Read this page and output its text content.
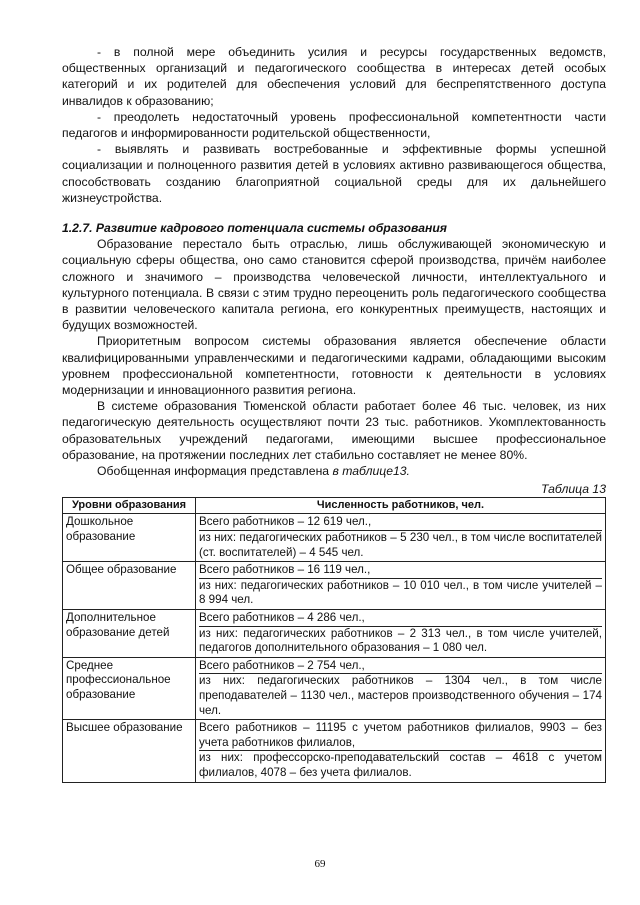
- в полной мере объединить усилия и ресурсы государственных ведомств, общественных организаций и педагогического сообщества в интересах детей особых категорий и их родителей для обеспечения условий для беспрепятственного доступа инвалидов к образованию;

- преодолеть недостаточный уровень профессиональной компетентности части педагогов и информированности родительской общественности,

- выявлять и развивать востребованные и эффективные формы успешной социализации и полноценного развития детей в условиях активно развивающегося общества, способствовать созданию благоприятной социальной среды для их дальнейшего жизнеустройства.

1.2.7. Развитие кадрового потенциала системы образования

Образование перестало быть отраслью, лишь обслуживающей экономическую и социальную сферы общества, оно само становится сферой производства, причём наиболее сложного и значимого – производства человеческой личности, интеллектуального и культурного потенциала. В связи с этим трудно переоценить роль педагогического сообщества в развитии человеческого капитала региона, его конкурентных преимуществ, настоящих и будущих возможностей.

Приоритетным вопросом системы образования является обеспечение области квалифицированными управленческими и педагогическими кадрами, обладающими высоким уровнем профессиональной компетентности, готовности к деятельности в условиях модернизации и инновационного развития региона.

В системе образования Тюменской области работает более 46 тыс. человек, из них педагогическую деятельность осуществляют почти 23 тыс. работников. Укомплектованность образовательных учреждений педагогами, имеющими высшее профессиональное образование, на протяжении последних лет стабильно составляет не менее 80%.

Обобщенная информация представлена в таблице13.

Таблица 13

Уровни образования	Численность работников, чел.
Дошкольное образование	Всего работников – 12 619 чел.,
из них: педагогических работников – 5 230 чел., в том числе воспитателей (ст. воспитателей) – 4 545 чел.

Общее образование	Всего работников – 16 119 чел.,
из них: педагогических работников – 10 010 чел., в том числе учителей – 8 994 чел.

Дополнительное образование детей	Всего работников – 4 286 чел.,
из них: педагогических работников – 2 313 чел., в том числе учителей, педагогов дополнительного образования – 1 080 чел.

Среднее профессиональное образование	Всего работников – 2 754 чел.,
из них: педагогических работников – 1304 чел., в том числе преподавателей – 1130 чел., мастеров производственного обучения – 174 чел.

Высшее образование	Всего работников – 11195 с учетом работников филиалов, 9903 – без учета работников филиалов,
из них: профессорско-преподавательский состав – 4618 с учетом филиалов, 4078 – без учета филиалов.
69
